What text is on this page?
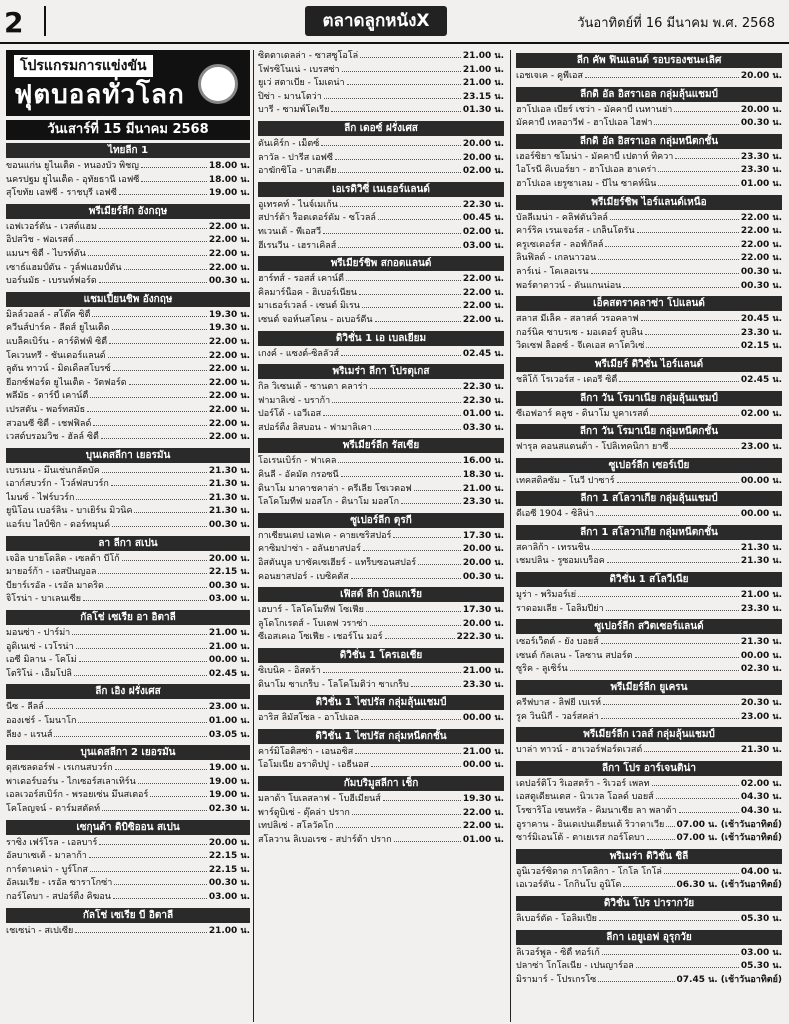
2	ตลาดลูกหนังX	วันอาทิตย์ที่ 16 มีนาคม พ.ศ. 2568
โปรแกรมการแข่งขัน
ฟุตบอลทั่วโลก
วันเสาร์ที่ 15 มีนาคม 2568
ไทยลีก 1
ขอนแก่น ยูไนเต็ด - หนองบัว พิชญ	18.00 น.
นครปฐม ยูไนเต็ด - อุทัยธานี เอฟซี	18.00 น.
สุโขทัย เอฟซี - ราชบุรี เอฟซี	19.00 น.
พรีเมียร์ลีก อังกฤษ
เอฟเวอร์ตัน - เวสต์แฮม	22.00 น.
อิปสวิช - ฟอเรสต์	22.00 น.
แมนฯ ซิตี้ - ไบรท์ตัน	22.00 น.
เซาธ์แฮมป์ตัน - วูล์ฟแฮมป์ตัน	22.00 น.
บอร์นมัธ - เบรนท์ฟอร์ด	00.30 น.
แชมเปี้ยนชิพ อังกฤษ
มิลล์วอลล์ - สโต๊ค ซิตี้	19.30 น.
ควีนส์ปาร์ค - ลีดส์ ยูไนเต็ด	19.30 น.
แบล็คเบิร์น - คาร์ดิฟฟ์ ซิตี้	22.00 น.
โคเวนทรี - ชันเดอร์แลนด์	22.00 น.
ลูตัน ทาวน์ - มิดเดิ้ลสโบรซ์	22.00 น.
ยี่อกซ์ฟอร์ด ยูไนเต็ด - วัตฟอร์ด	22.00 น.
พลีมัธ - ดาร์บี้ เคาน์ตี้	22.00 น.
เปรสตัน - พอร์ทสมัธ	22.00 น.
สวอนซี ซิตี้ - เชฟฟิลด์	22.00 น.
เวสต์บรอมวิช - ฮัลล์ ซิตี้	22.00 น.
บุนเดสลีกา เยอรมัน
เบรเมน - มึนเช่นกลัดบัค	21.30 น.
เอาก์สบวร์ก - โวล์ฟสบวร์ก	21.30 น.
ไมนซ์ - ไฟร์บวร์ก	21.30 น.
ยูนิโอน เบอร์ลิน - บาเยิร์น มิวนิค	21.30 น.
แอร์เบ ไลป์ซิก - ดอร์ทมุนด์	00.30 น.
ลา ลีกา สเปน
เจอิล บายโดลิด - เซลต้า บีโก้	20.00 น.
มายอร์ก้า - เอสปันญอล	22.15 น.
บียาร์เรอัล - เรอัล มาดริด	00.30 น.
จิโรน่า - บาเลนเซีย	03.00 น.
กัลโช่ เซเรีย อา อิตาลี
มอนซ่า - ปาร์ม่า	21.00 น.
อูดิเนเซ่ - เวโรน่า	21.00 น.
เอซี มิลาน - โคโม่	00.00 น.
โตริโน่ - เอ็มโปลิ	02.45 น.
ลีก เอิง ฝรั่งเศส
นีซ - ลีลล์	23.00 น.
อองเช่ร์ - โมนาโก	01.00 น.
ลียง - แรนส์	03.05 น.
บุนเดสลีกา 2 เยอรมัน
ดุสเซลดอร์ฟ - เรเกนสบวร์ก	19.00 น.
พาเดอร์บอร์น - ไกเซอร์สเลาเทิร์น	19.00 น.
เอลเวอร์สเบิร์ก - พรอยเซ่น มึนสเตอร์	19.00 น.
โคโลญจน์ - ดาร์มสตัดท์	02.30 น.
เซกุนด้า ดิบิซิออน สเปน
ราซิ่ง เฟร์โรล - เอลบาร์	20.00 น.
อัลบาเซเต้ - มาลาก้า	22.15 น.
การ์ตาเคน่า - บูร์โกส	22.15 น.
อัลเมเรีย - เรอัล ซาราโกซ่า	00.30 น.
กอร์โดบา - สปอร์ติ้ง คิฆอน	03.00 น.
กัลโช่ เซเรีย บี อิตาลี
เชเซน่า - สเปเซีย	21.00 น.
ซิตตาเดลล่า - ซาสซูโอโล่	21.00 น.
โฟรซิโนเน่ - เบรสซ่า	21.00 น.
ยูเว่ สตาเบีย - โมเดน่า	21.00 น.
ปิซ่า - มานโตว่า	23.15 น.
บารี - ซามพ์โดเรีย	01.30 น.
ลีก เดอซ์ ฝรั่งเศส
ดันเคิร์ก - เม็ตซ์	20.00 น.
ลาวัล - ปารีส เอฟซี	20.00 น.
อาฆักซิโอ - บาสเตีย	02.00 น.
เอเรดิวิซี่ เนเธอร์แลนด์
อูเทรคท์ - ไนจ์เมเก้น	22.30 น.
สปาร์ต้า ร็อตเตอร์ดัม - ซโวลล์	00.45 น.
ทเวนเต้ - พีเอสวี	02.00 น.
ฮีเรนวีน - เฮราเคิลส์	03.00 น.
พรีเมียร์ชิพ สกอตแลนด์
ฮาร์ทส์ - รอสส์ เคาน์ตี้	22.00 น.
คิลมาร์น็อค - ฮิเบอร์เนี่ยน	22.00 น.
มาเธอร์เวลล์ - เซนต์ มิเรน	22.00 น.
เซนต์ จอห์นสโตน - อเบอร์ดีน	22.00 น.
ดิวิชั่น 1 เอ เบลเยียม
เกงค์ - แซงต์-ซิลลัวส์	02.45 น.
พริเมร่า ลีกา โปรตุเกส
กิล วิเซนเต้ - ซานตา คลาร่า	22.30 น.
ฟามาลิเซ่ - บราก้า	22.30 น.
ปอร์โต้ - เอวีเอส	01.00 น.
สปอร์ติ้ง ลิสบอน - ฟามาลิเคา	03.30 น.
พรีเมียร์ลีก รัสเซีย
โอเรนเบิร์ก - ฟาเคล	16.00 น.
คินลี - อัคมัต กรอซนี่	18.30 น.
ดินาโม มาคาชคาล่า - ครีเลีย โซเวตอฟ	21.00 น.
โลโคโมทีฟ มอสโก - ดินาโม มอสโก	23.30 น.
ซูเปอร์ลีก ตุรกี
กาเซียนเตป เอฟเค - คายเซริสปอร์	17.30 น.
คาซิมปาซ่า - อลันยาสปอร์	20.00 น.
อิสตันบูล บาซัคเซเฮียร์ - แทร็บซอนสปอร์	20.00 น.
คอนยาสปอร์ - เบซิคตัส	00.30 น.
เฟิสต์ ลีก บัลแกเรีย
เฮบาร์ - โลโคโมทีฟ โซเฟีย	17.30 น.
ลูโดโกเรตส์ - โบเตฟ วราซ่า	20.00 น.
ซีเอสเคเอ โซเฟีย - เชอร์โน มอร์	222.30 น.
ดิวิชั่น 1 โครเอเชีย
ซิเบนิค - อิสตร้า	21.00 น.
ดินาโม ซาเกร็บ - โลโคโมติว่า ซาเกร็บ	23.30 น.
ดิวิชั่น 1 ไซปรัส กลุ่มลุ้นแชมป์
อาริส ลิมัสโซล - อาโปเอล	00.00 น.
ดิวิชั่น 1 ไซปรัส กลุ่มหนีตกชั้น
คาร์มิโอติสซ่า - เอนอซิส	21.00 น.
โอโมเนีย อราดิปปู - เอธีนอส	00.00 น.
กัมบริมูสลีกา เช็ก
มลาด้า โบเลสลาฟ - โบฮีเมียนส์	19.30 น.
พาร์ดูบิเซ่ - ดุ๊คล่า ปราก	22.00 น.
เทปลิเซ่ - สโลวัคโก	22.00 น.
สโลวาน ลิเบอเรซ - สปาร์ต้า ปราก	01.00 น.
ลีก คัพ ฟินแลนด์ รอบรองชนะเลิศ
เอชเจเค - คูพีเอส	20.00 น.
ลีกดิ อัล อิสราเอล กลุ่มลุ้นแชมป์
ฮาโปเอล เบียร์ เชว่า - มัคคาบี้ เนทานย่า	20.00 น.
มัคคาบี้ เทลอาวีฟ - ฮาโปเอล ไฮฟา	00.30 น.
ลีกดิ อัล อิสราเอล กลุ่มหนีตกชั้น
เฮอร์ซิยา ซโมน่า - มัคคาบี้ เปตาห์ ทิควา	23.30 น.
ไอโรนี่ คิเบอร์ยา - ฮาโปเอล ฮาเดร่า	23.30 น.
ฮาโปเอล เยรูซาเลม - บีไน ซาคห์นิน	01.00 น.
พรีเมียร์ชิพ ไอร์แลนด์เหนือ
บัลลีเมน่า - คลิฟตันวิลล์	22.00 น.
คาร์ริค เรนเจอร์ส - เกล็นโตรัน	22.00 น.
ครูเซเดอร์ส - ลอฟ์กัลล์	22.00 น.
ลินฟิลด์ - เกลนาวอน	22.00 น.
ลาร์เน่ - โคเลอเรน	00.30 น.
พอร์ตาดาวน์ - ดันแกนน่อน	00.30 น.
เอ็คสตราคลาซ่า โปแลนด์
สลาส มีเล็ค - สลาสค์ วรอคลาฟ	20.45 น.
กอร์นิค ซาบรเซ - มอเตอร์ ลูบลิน	23.30 น.
วิดเซฟ ล็อดซ์ - จีเคเอส คาโตวิเซ่	02.15 น.
พรีเมียร์ ดิวิชั่น ไอร์แลนด์
ชลิโก้ โรเวอร์ส - เดอรี่ ซิตี้	02.45 น.
ลีกา วัน โรมาเนีย กลุ่มลุ้นแชมป์
ซีเอฟอาร์ คลูช - ดินาโม บูคาเรสต์	02.00 น.
ลีกา วัน โรมาเนีย กลุ่มหนีตกชั้น
ฟารุล คอนสแตนต้า - โปลิเทคนิกา ยาซี	23.00 น.
ซูเปอร์ลีก เซอร์เบีย
เทคสติลซัม - โนวี ปาซาร์	00.00 น.
ลีกา 1 สโลวาเกีย กลุ่มลุ้นแชมป์
ดีเอซี 1904 - ซิลิน่า	00.00 น.
ลีกา 1 สโลวาเกีย กลุ่มหนีตกชั้น
สคาลิก้า - เทรนชิน	21.30 น.
เชมปลิน - รูซอมเบร็อค	21.30 น.
ดิวิชั่น 1 สโลวีเนีย
มูร่า - พริมอร์เย่	21.00 น.
ราดอมเลีย - โอลิมปีย่า	23.30 น.
ซูเปอร์ลีก สวิตเซอร์แลนด์
เซอร์เว็ตต์ - ยัง บอยส์	21.30 น.
เซนต์ กัลเลน - โลซาน สปอร์ต	00.00 น.
ซูริค - ลูเซิร์น	02.30 น.
พรีเมียร์ลีก ยูเครน
ครีฟบาส - ลิฟยี่ เบเรห์	20.30 น.
รูค วินนิกี้ - วอร์สคล่า	23.00 น.
พรีเมียร์ลีก เวลส์ กลุ่มลุ้นแชมป์
บาล่า ทาวน์ - ฮาเวอร์ฟอร์ดเวสต์	21.30 น.
ลีกา โปร อาร์เจนติน่า
เดปอร์ติโว ริเอสตร้า - ริเวอร์ เพลท	02.00 น.
เอสตูเดียนเตส - นิวเวล โอลด์ บอยส์	04.30 น.
โรซาริโอ เซนทรัล - คิมนาเซีย ลา พลาต้า	04.30 น.
อูราคาน - อินเดเปนเดียนเต้ ริวาดาเวีย 07.00 น. (เช้าวันอาทิตย์)
ซาร์มิเอนโต้ - ตาเยเรส กอร์โดบา	07.00 น. (เช้าวันอาทิตย์)
พริเมร่า ดิวิชั่น ชิลี
อูนิเวอร์ซิดาด กาโตลิกา - โกโล โกโล่	04.00 น.
เอเวอร์ตัน - โกกินโบ อูนิโด	06.30 น. (เช้าวันอาทิตย์)
ดิวิชั่น โปร ปารากวัย
ลิเบอร์ตัด - โอลิมเปีย	05.30 น.
ลีกา เอยูเอฟ อุรุกวัย
ลิเวอร์พูล - ซิตี้ ทอร์เก้	03.00 น.
ปลาซ่า โกโลเนีย - เปนญาร์อล	05.30 น.
มิรามาร์ - โปรเกรโซ	07.45 น. (เช้าวันอาทิตย์)
